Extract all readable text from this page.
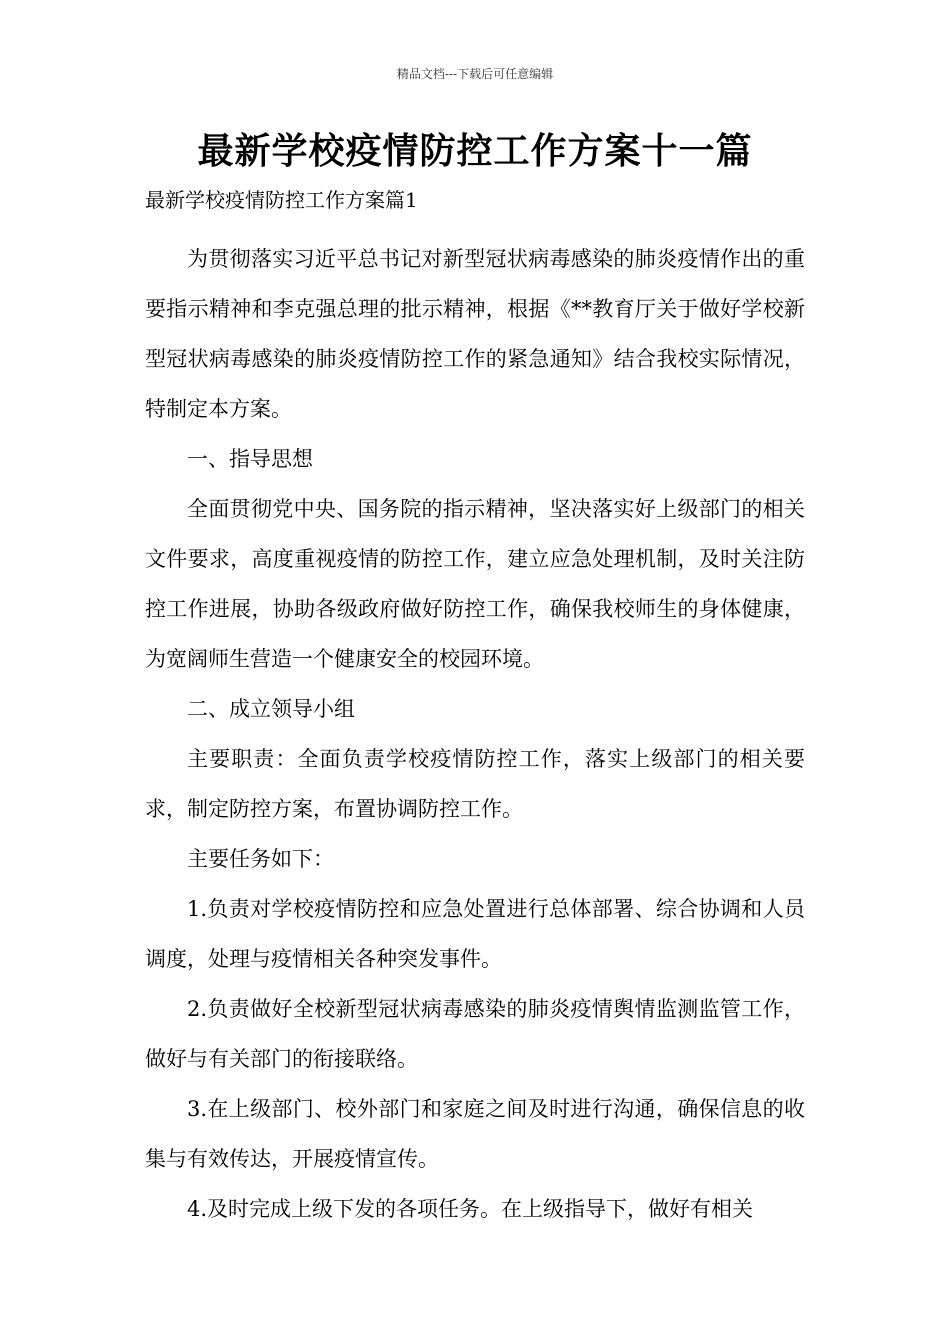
精品文档---下载后可任意编辑
最新学校疫情防控工作方案十一篇
最新学校疫情防控工作方案篇1

为贯彻落实习近平总书记对新型冠状病毒感染的肺炎疫情作出的重要指示精神和李克强总理的批示精神，根据《**教育厅关于做好学校新型冠状病毒感染的肺炎疫情防控工作的紧急通知》结合我校实际情况，特制定本方案。

一、指导思想

全面贯彻党中央、国务院的指示精神，坚决落实好上级部门的相关文件要求，高度重视疫情的防控工作，建立应急处理机制，及时关注防控工作进展，协助各级政府做好防控工作，确保我校师生的身体健康，为宽阔师生营造一个健康安全的校园环境。

二、成立领导小组

主要职责：全面负责学校疫情防控工作，落实上级部门的相关要求，制定防控方案，布置协调防控工作。

主要任务如下：

1.负责对学校疫情防控和应急处置进行总体部署、综合协调和人员调度，处理与疫情相关各种突发事件。

2.负责做好全校新型冠状病毒感染的肺炎疫情舆情监测监管工作，做好与有关部门的衔接联络。

3.在上级部门、校外部门和家庭之间及时进行沟通，确保信息的收集与有效传达，开展疫情宣传。

4.及时完成上级下发的各项任务。在上级指导下，做好有相关
